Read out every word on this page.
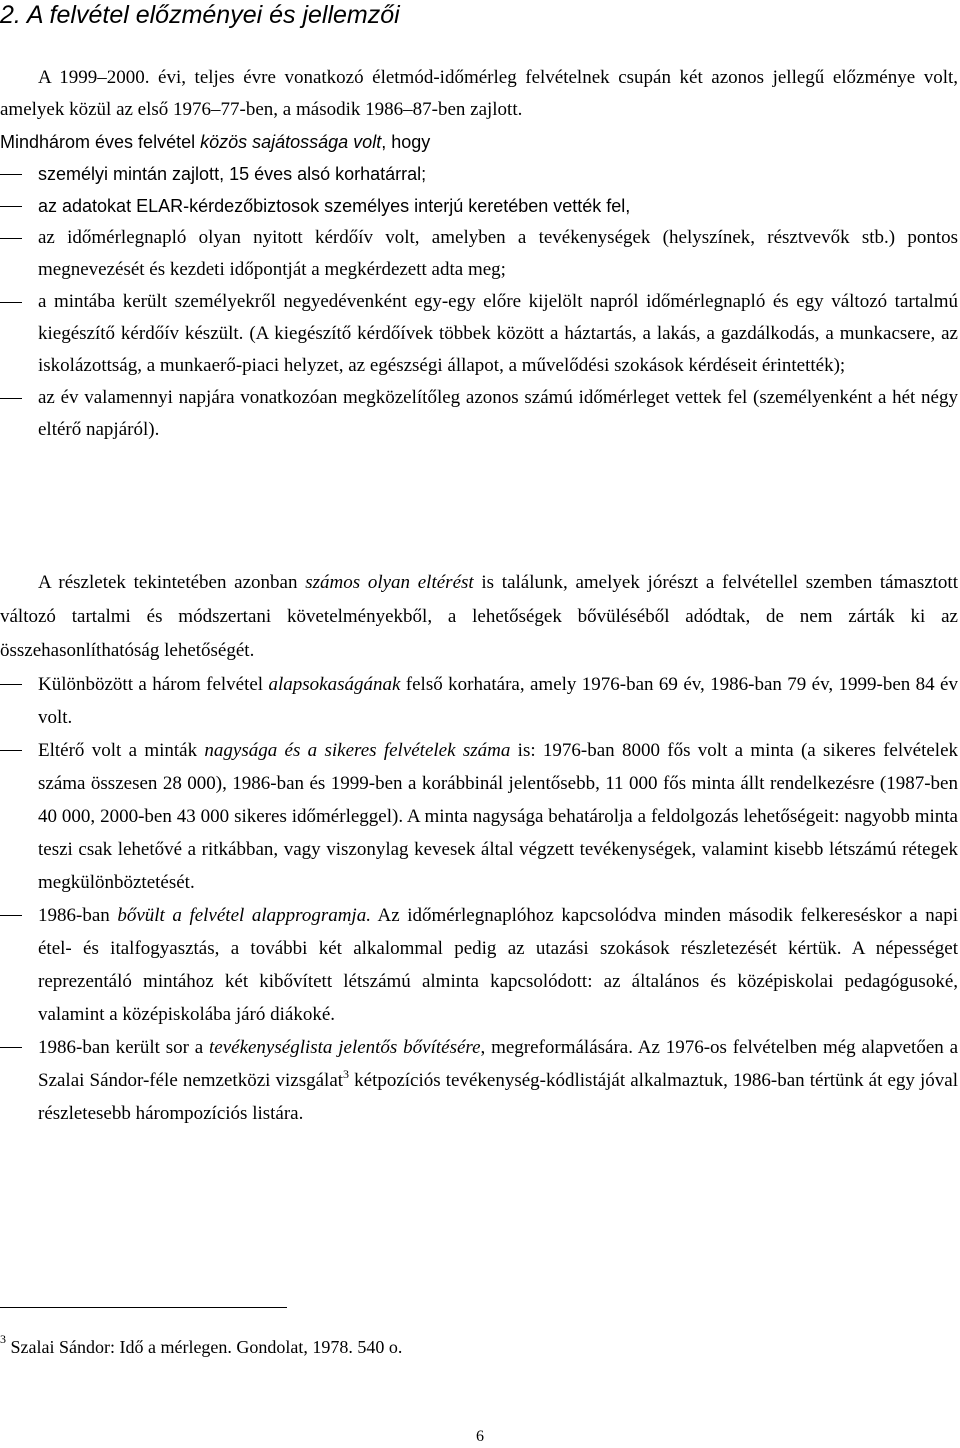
2. A felvétel előzményei és jellemzői

A 1999–2000. évi, teljes évre vonatkozó életmód-időmérleg felvételnek csupán két azonos jellegű előzménye volt, amelyek közül az első 1976–77-ben, a második 1986–87-ben zajlott.

Mindhárom éves felvétel közös sajátossága volt, hogy

személyi mintán zajlott, 15 éves alsó korhatárral;
az adatokat ELAR-kérdezőbiztosok személyes interjú keretében vették fel,
az időmérlegnapló olyan nyitott kérdőív volt, amelyben a tevékenységek (helyszínek, résztvevők stb.) pontos megnevezését és kezdeti időpontját a megkérdezett adta meg;
a mintába került személyekről negyedévenként egy-egy előre kijelölt napról időmérlegnapló és egy változó tartalmú kiegészítő kérdőív készült. (A kiegészítő kérdőívek többek között a háztartás, a lakás, a gazdálkodás, a munkacsere, az iskolázottság, a munkaerő-piaci helyzet, az egészségi állapot, a művelődési szokások kérdéseit érintették);
az év valamennyi napjára vonatkozóan megközelítőleg azonos számú időmérleget vettek fel (személyenként a hét négy eltérő napjáról).

A részletek tekintetében azonban számos olyan eltérést is találunk, amelyek jórészt a felvétellel szemben támasztott változó tartalmi és módszertani követelményekből, a lehetőségek bővüléséből adódtak, de nem zárták ki az összehasonlíthatóság lehetőségét.

Különbözött a három felvétel alapsokaságának felső korhatára, amely 1976-ban 69 év, 1986-ban 79 év, 1999-ben 84 év volt.
Eltérő volt a minták nagysága és a sikeres felvételek száma is: 1976-ban 8000 fős volt a minta (a sikeres felvételek száma összesen 28 000), 1986-ban és 1999-ben a korábbinál jelentősebb, 11 000 fős minta állt rendelkezésre (1987-ben 40 000, 2000-ben 43 000 sikeres időmérleggel). A minta nagysága behatárolja a feldolgozás lehetőségeit: nagyobb minta teszi csak lehetővé a ritkábban, vagy viszonylag kevesek által végzett tevékenységek, valamint kisebb létszámú rétegek megkülönböztetését.
1986-ban bővült a felvétel alapprogramja. Az időmérlegnaplóhoz kapcsolódva minden második felkereséskor a napi étel- és italfogyasztás, a további két alkalommal pedig az utazási szokások részletezését kértük. A népességet reprezentáló mintához két kibővített létszámú alminta kapcsolódott: az általános és középiskolai pedagógusoké, valamint a középiskolába járó diákoké.
1986-ban került sor a tevékenységlista jelentős bővítésére, megreformálására. Az 1976-os felvételben még alapvetően a Szalai Sándor-féle nemzetközi vizsgálat$^3$ kétpozíciós tevékenység-kódlistáját alkalmaztuk, 1986-ban tértünk át egy jóval részletesebb hárompozíciós listára.
$^3$ Szalai Sándor: Idő a mérlegen. Gondolat, 1978. 540 o.
6
